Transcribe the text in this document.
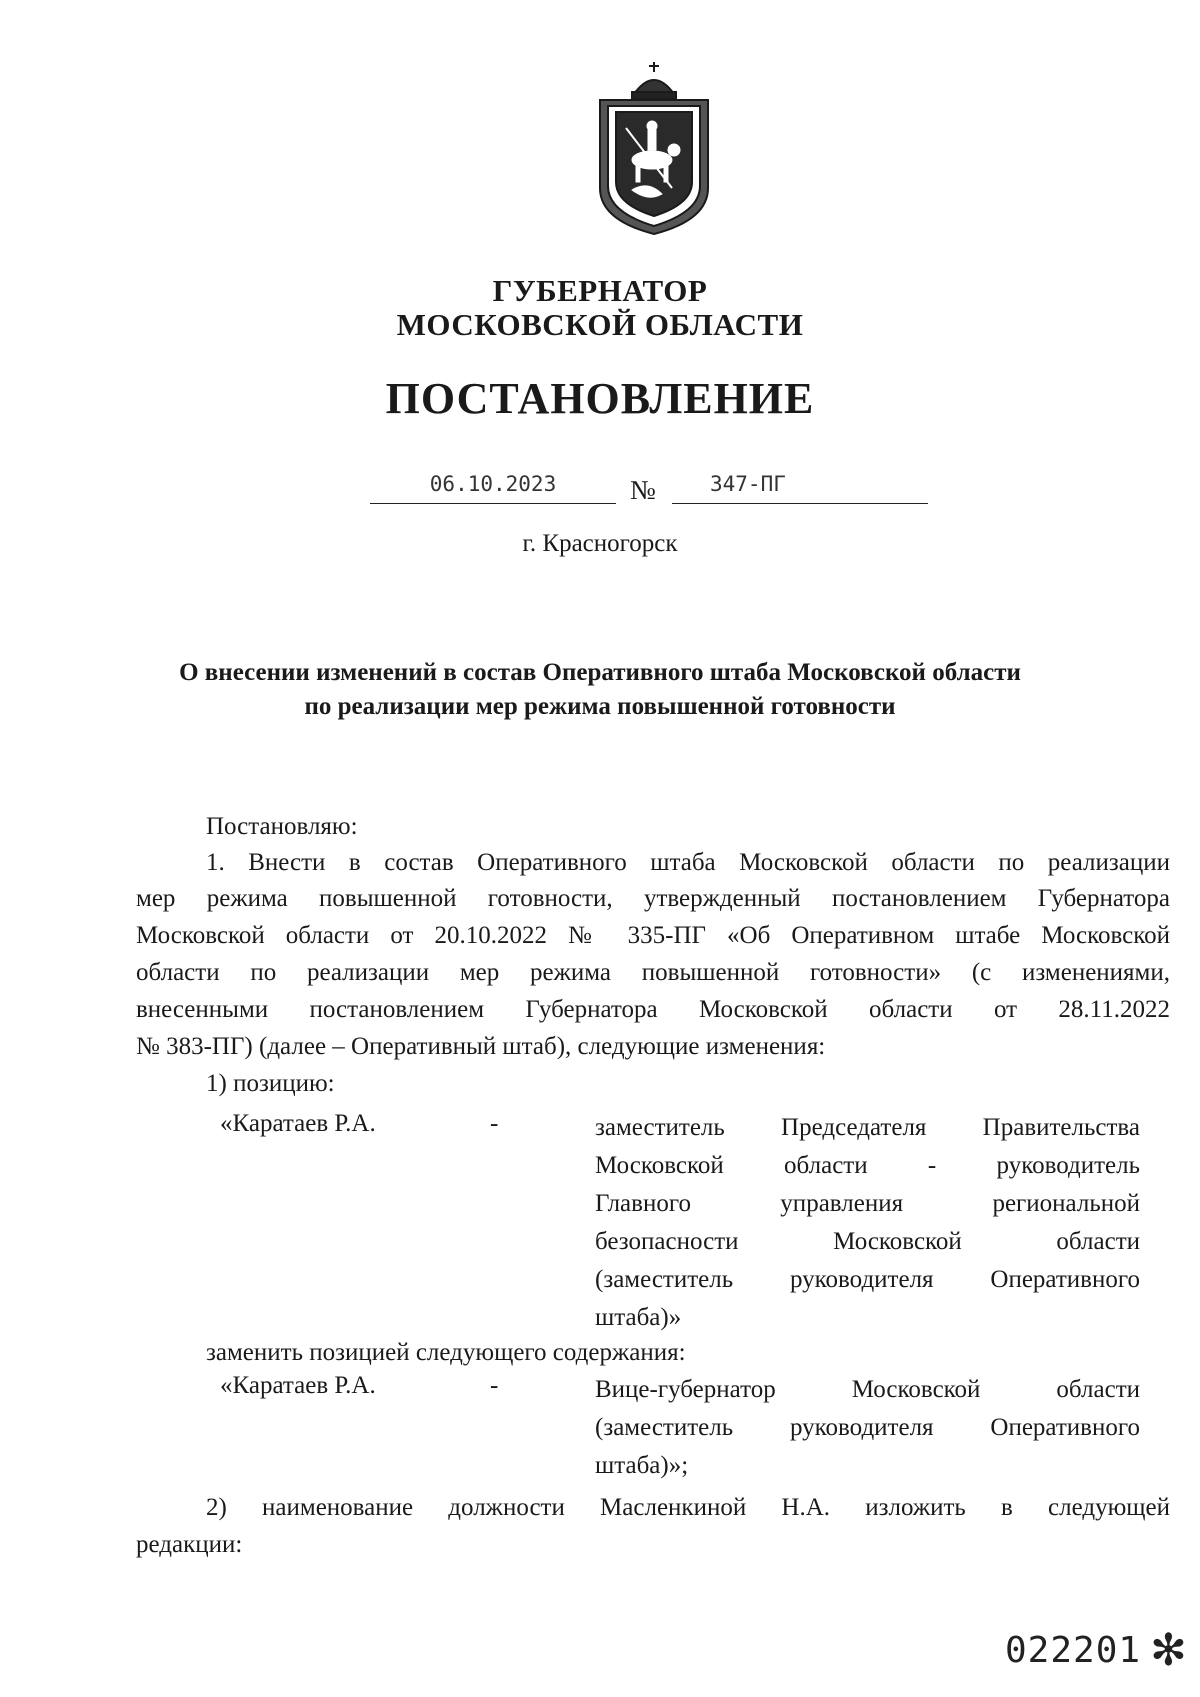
ГУБЕРНАТОР
МОСКОВСКОЙ ОБЛАСТИ
ПОСТАНОВЛЕНИЕ
06.10.2023	№	347-ПГ
г. Красногорск
О внесении изменений в состав Оперативного штаба Московской области
по реализации мер режима повышенной готовности
Постановляю:
1. Внести в состав Оперативного штаба Московской области по реализации
мер режима повышенной готовности, утвержденный постановлением Губернатора
Московской области от 20.10.2022 № 335-ПГ «Об Оперативном штабе Московской
области по реализации мер режима повышенной готовности» (с изменениями,
внесенными постановлением Губернатора Московской области от 28.11.2022
№ 383-ПГ) (далее – Оперативный штаб), следующие изменения:
1) позицию:
«Каратаев Р.А.	-	заместитель Председателя Правительства
Московской области - руководитель
Главного управления региональной
безопасности Московской области
(заместитель руководителя Оперативного
штаба)»
заменить позицией следующего содержания:
«Каратаев Р.А.	-	Вице-губернатор Московской области
(заместитель руководителя Оперативного
штаба)»;
2) наименование должности Масленкиной Н.А. изложить в следующей
редакции:
022201 ✻
